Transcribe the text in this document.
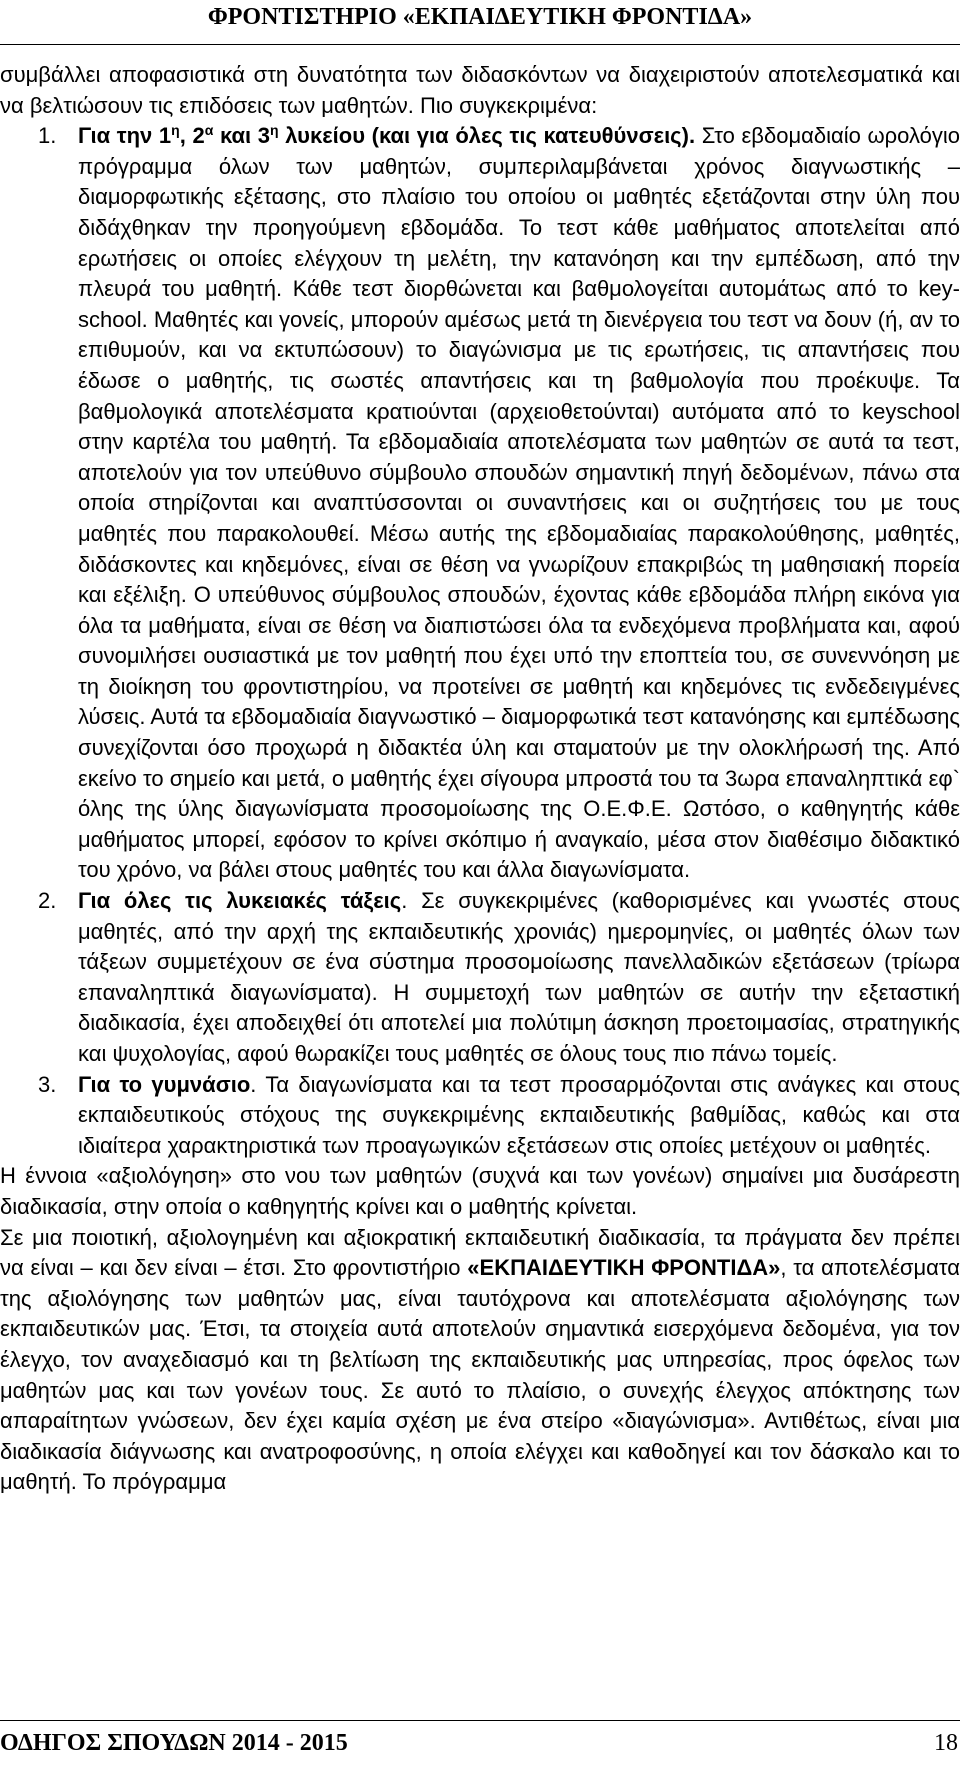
ΦΡΟΝΤΙΣΤΗΡΙΟ «ΕΚΠΑΙΔΕΥΤΙΚΗ ΦΡΟΝΤΙΔΑ»

συμβάλλει αποφασιστικά στη δυνατότητα των διδασκόντων να διαχειριστούν αποτελεσματικά και να βελτιώσουν τις επιδόσεις των μαθητών. Πιο συγκεκριμένα:

1. Για την $1^\eta$, $2^\alpha$ και $3^\eta$ λυκείου (και για όλες τις κατευθύνσεις). Στο εβδομαδιαίο ωρολόγιο πρόγραμμα όλων των μαθητών, συμπεριλαμβάνεται χρόνος διαγνωστικής – διαμορφωτικής εξέτασης, στο πλαίσιο του οποίου οι μαθητές εξετάζονται στην ύλη που διδάχθηκαν την προηγούμενη εβδομάδα. Το τεστ κάθε μαθήματος αποτελείται από ερωτήσεις οι οποίες ελέγχουν τη μελέτη, την κατανόηση και την εμπέδωση, από την πλευρά του μαθητή. Κάθε τεστ διορθώνεται και βαθμολογείται αυτομάτως από το key-school. Μαθητές και γονείς, μπορούν αμέσως μετά τη διενέργεια του τεστ να δουν (ή, αν το επιθυμούν, και να εκτυπώσουν) το διαγώνισμα με τις ερωτήσεις, τις απαντήσεις που έδωσε ο μαθητής, τις σωστές απαντήσεις και τη βαθμολογία που προέκυψε. Τα βαθμολογικά αποτελέσματα κρατιούνται (αρχειοθετούνται) αυτόματα από το keyschool στην καρτέλα του μαθητή. Τα εβδομαδιαία αποτελέσματα των μαθητών σε αυτά τα τεστ, αποτελούν για τον υπεύθυνο σύμβουλο σπουδών σημαντική πηγή δεδομένων, πάνω στα οποία στηρίζονται και αναπτύσσονται οι συναντήσεις και οι συζητήσεις του με τους μαθητές που παρακολουθεί. Μέσω αυτής της εβδομαδιαίας παρακολούθησης, μαθητές, διδάσκοντες και κηδεμόνες, είναι σε θέση να γνωρίζουν επακριβώς τη μαθησιακή πορεία και εξέλιξη. Ο υπεύθυνος σύμβουλος σπουδών, έχοντας κάθε εβδομάδα πλήρη εικόνα για όλα τα μαθήματα, είναι σε θέση να διαπιστώσει όλα τα ενδεχόμενα προβλήματα και, αφού συνομιλήσει ουσιαστικά με τον μαθητή που έχει υπό την εποπτεία του, σε συνεννόηση με τη διοίκηση του φροντιστηρίου, να προτείνει σε μαθητή και κηδεμόνες τις ενδεδειγμένες λύσεις. Αυτά τα εβδομαδιαία διαγνωστικό – διαμορφωτικά τεστ κατανόησης και εμπέδωσης συνεχίζονται όσο προχωρά η διδακτέα ύλη και σταματούν με την ολοκλήρωσή της. Από εκείνο το σημείο και μετά, ο μαθητής έχει σίγουρα μπροστά του τα 3ωρα επαναληπτικά εφ` όλης της ύλης διαγωνίσματα προσομοίωσης της Ο.Ε.Φ.Ε. Ωστόσο, ο καθηγητής κάθε μαθήματος μπορεί, εφόσον το κρίνει σκόπιμο ή αναγκαίο, μέσα στον διαθέσιμο διδακτικό του χρόνο, να βάλει στους μαθητές του και άλλα διαγωνίσματα.

2. Για όλες τις λυκειακές τάξεις. Σε συγκεκριμένες (καθορισμένες και γνωστές στους μαθητές, από την αρχή της εκπαιδευτικής χρονιάς) ημερομηνίες, οι μαθητές όλων των τάξεων συμμετέχουν σε ένα σύστημα προσομοίωσης πανελλαδικών εξετάσεων (τρίωρα επαναληπτικά διαγωνίσματα). Η συμμετοχή των μαθητών σε αυτήν την εξεταστική διαδικασία, έχει αποδειχθεί ότι αποτελεί μια πολύτιμη άσκηση προετοιμασίας, στρατηγικής και ψυχολογίας, αφού θωρακίζει τους μαθητές σε όλους τους πιο πάνω τομείς.

3. Για το γυμνάσιο. Τα διαγωνίσματα και τα τεστ προσαρμόζονται στις ανάγκες και στους εκπαιδευτικούς στόχους της συγκεκριμένης εκπαιδευτικής βαθμίδας, καθώς και στα ιδιαίτερα χαρακτηριστικά των προαγωγικών εξετάσεων στις οποίες μετέχουν οι μαθητές.

Η έννοια «αξιολόγηση» στο νου των μαθητών (συχνά και των γονέων) σημαίνει μια δυσάρεστη διαδικασία, στην οποία ο καθηγητής κρίνει και ο μαθητής κρίνεται.

Σε μια ποιοτική, αξιολογημένη και αξιοκρατική εκπαιδευτική διαδικασία, τα πράγματα δεν πρέπει να είναι – και δεν είναι – έτσι. Στο φροντιστήριο «ΕΚΠΑΙΔΕΥΤΙΚΗ ΦΡΟΝΤΙΔΑ», τα αποτελέσματα της αξιολόγησης των μαθητών μας, είναι ταυτόχρονα και αποτελέσματα αξιολόγησης των εκπαιδευτικών μας. Έτσι, τα στοιχεία αυτά αποτελούν σημαντικά εισερχόμενα δεδομένα, για τον έλεγχο, τον αναχεδιασμό και τη βελτίωση της εκπαιδευτικής μας υπηρεσίας, προς όφελος των μαθητών μας και των γονέων τους. Σε αυτό το πλαίσιο, ο συνεχής έλεγχος απόκτησης των απαραίτητων γνώσεων, δεν έχει καμία σχέση με ένα στείρο «διαγώνισμα». Αντιθέτως, είναι μια διαδικασία διάγνωσης και ανατροφοσύνης, η οποία ελέγχει και καθοδηγεί και τον δάσκαλο και το μαθητή. Το πρόγραμμα

ΟΔΗΓΟΣ ΣΠΟΥΔΩΝ 2014 - 2015	18
